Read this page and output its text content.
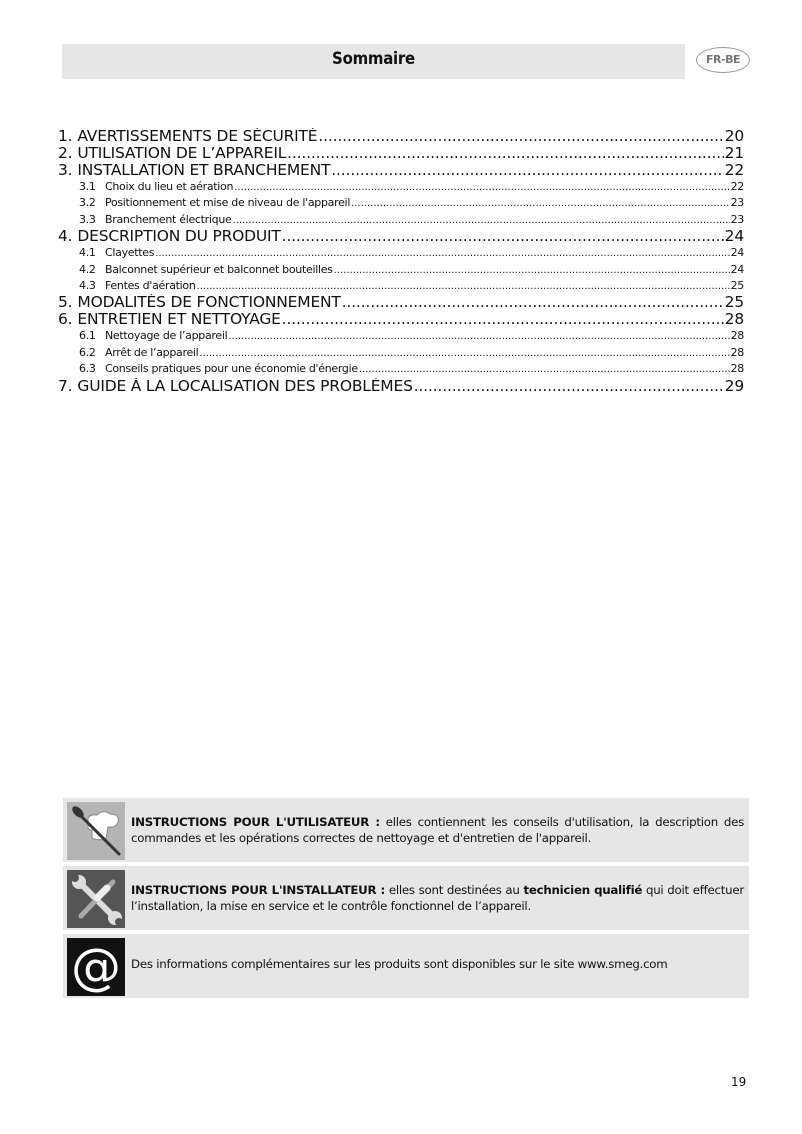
Sommaire	FR-BE
1. AVERTISSEMENTS DE SÉCURITÉ .....	20
2. UTILISATION DE L’APPAREIL .....	21
3. INSTALLATION ET BRANCHEMENT .....	22
3.1 Choix du lieu et aération .....	22
3.2 Positionnement et mise de niveau de l'appareil .....	23
3.3 Branchement électrique .....	23
4. DESCRIPTION DU PRODUIT .....	24
4.1 Clayettes .....	24
4.2 Balconnet supérieur et balconnet bouteilles .....	24
4.3 Fentes d'aération .....	25
5. MODALITÉS DE FONCTIONNEMENT .....	25
6. ENTRETIEN ET NETTOYAGE .....	28
6.1 Nettoyage de l’appareil .....	28
6.2 Arrêt de l’appareil .....	28
6.3 Conseils pratiques pour une économie d'énergie .....	28
7. GUIDE À LA LOCALISATION DES PROBLÈMES .....	29
INSTRUCTIONS POUR L'UTILISATEUR : elles contiennent les conseils d'utilisation, la description des commandes et les opérations correctes de nettoyage et d'entretien de l'appareil.
INSTRUCTIONS POUR L'INSTALLATEUR : elles sont destinées au technicien qualifié qui doit effectuer l’installation, la mise en service et le contrôle fonctionnel de l’appareil.
@ Des informations complémentaires sur les produits sont disponibles sur le site www.smeg.com
19
